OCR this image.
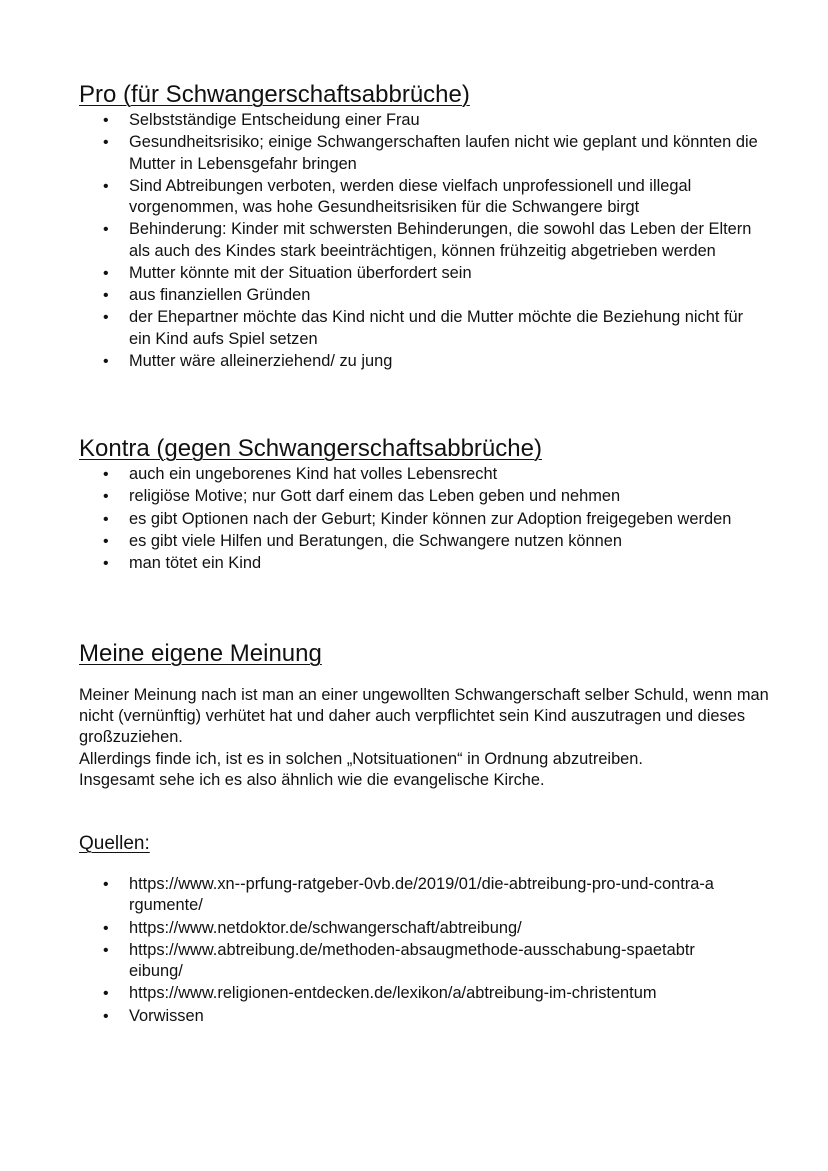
Pro (für Schwangerschaftsabbrüche)
• Selbstständige Entscheidung einer Frau
• Gesundheitsrisiko; einige Schwangerschaften laufen nicht wie geplant und könnten die Mutter in Lebensgefahr bringen
• Sind Abtreibungen verboten, werden diese vielfach unprofessionell und illegal vorgenommen, was hohe Gesundheitsrisiken für die Schwangere birgt
• Behinderung: Kinder mit schwersten Behinderungen, die sowohl das Leben der Eltern als auch des Kindes stark beeinträchtigen, können frühzeitig abgetrieben werden
• Mutter könnte mit der Situation überfordert sein
• aus finanziellen Gründen
• der Ehepartner möchte das Kind nicht und die Mutter möchte die Beziehung nicht für ein Kind aufs Spiel setzen
• Mutter wäre alleinerziehend/ zu jung
Kontra (gegen Schwangerschaftsabbrüche)
• auch ein ungeborenes Kind hat volles Lebensrecht
• religiöse Motive; nur Gott darf einem das Leben geben und nehmen
• es gibt Optionen nach der Geburt; Kinder können zur Adoption freigegeben werden
• es gibt viele Hilfen und Beratungen, die Schwangere nutzen können
• man tötet ein Kind
Meine eigene Meinung

Meiner Meinung nach ist man an einer ungewollten Schwangerschaft selber Schuld, wenn man nicht (vernünftig) verhütet hat und daher auch verpflichtet sein Kind auszutragen und dieses großzuziehen.

Allerdings finde ich, ist es in solchen „Notsituationen“ in Ordnung abzutreiben.

Insgesamt sehe ich es also ähnlich wie die evangelische Kirche.

Quellen:
• https://www.xn--prfung-ratgeber-0vb.de/2019/01/die-abtreibung-pro-und-contra-argumente/
• https://www.netdoktor.de/schwangerschaft/abtreibung/
• https://www.abtreibung.de/methoden-absaugmethode-ausschabung-spaetabtreibung/
• https://www.religionen-entdecken.de/lexikon/a/abtreibung-im-christentum
• Vorwissen
